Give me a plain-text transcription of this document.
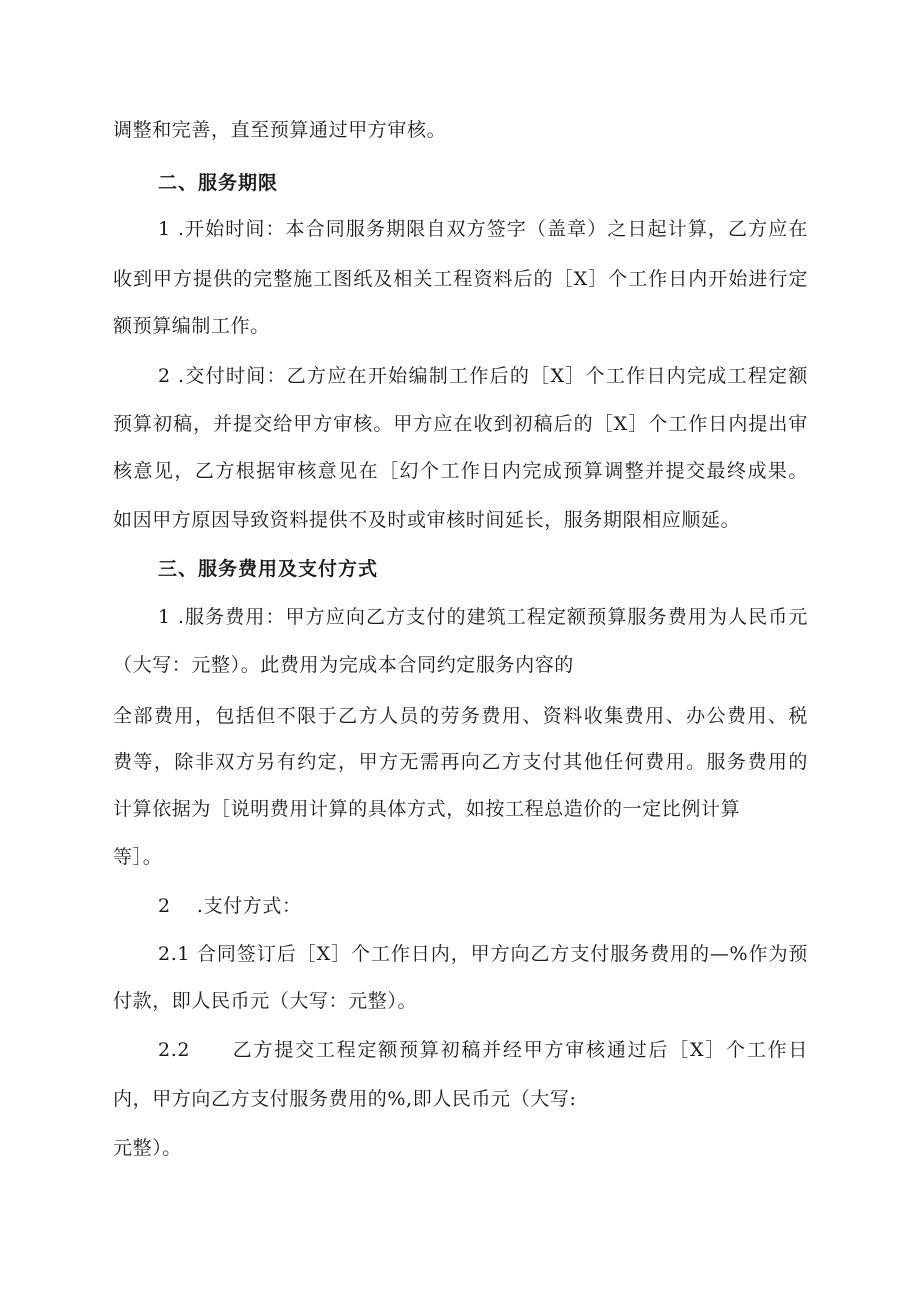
调整和完善，直至预算通过甲方审核。
二、服务期限
1 .开始时间：本合同服务期限自双方签字（盖章）之日起计算，乙方应在
收到甲方提供的完整施工图纸及相关工程资料后的［X］个工作日内开始进行定
额预算编制工作。
2 .交付时间：乙方应在开始编制工作后的［X］个工作日内完成工程定额
预算初稿，并提交给甲方审核。甲方应在收到初稿后的［X］个工作日内提出审
核意见，乙方根据审核意见在［幻个工作日内完成预算调整并提交最终成果。
如因甲方原因导致资料提供不及时或审核时间延长，服务期限相应顺延。
三、服务费用及支付方式
1 .服务费用：甲方应向乙方支付的建筑工程定额预算服务费用为人民币元
（大写：元整）。此费用为完成本合同约定服务内容的
全部费用，包括但不限于乙方人员的劳务费用、资料收集费用、办公费用、税
费等，除非双方另有约定，甲方无需再向乙方支付其他任何费用。服务费用的
计算依据为［说明费用计算的具体方式，如按工程总造价的一定比例计算
等］。
2　 .支付方式：
2.1 合同签订后［X］个工作日内，甲方向乙方支付服务费用的—%作为预
付款，即人民币元（大写：元整）。
2.2　　乙方提交工程定额预算初稿并经甲方审核通过后［X］个工作日
内，甲方向乙方支付服务费用的%,即人民币元（大写:
元整）。
